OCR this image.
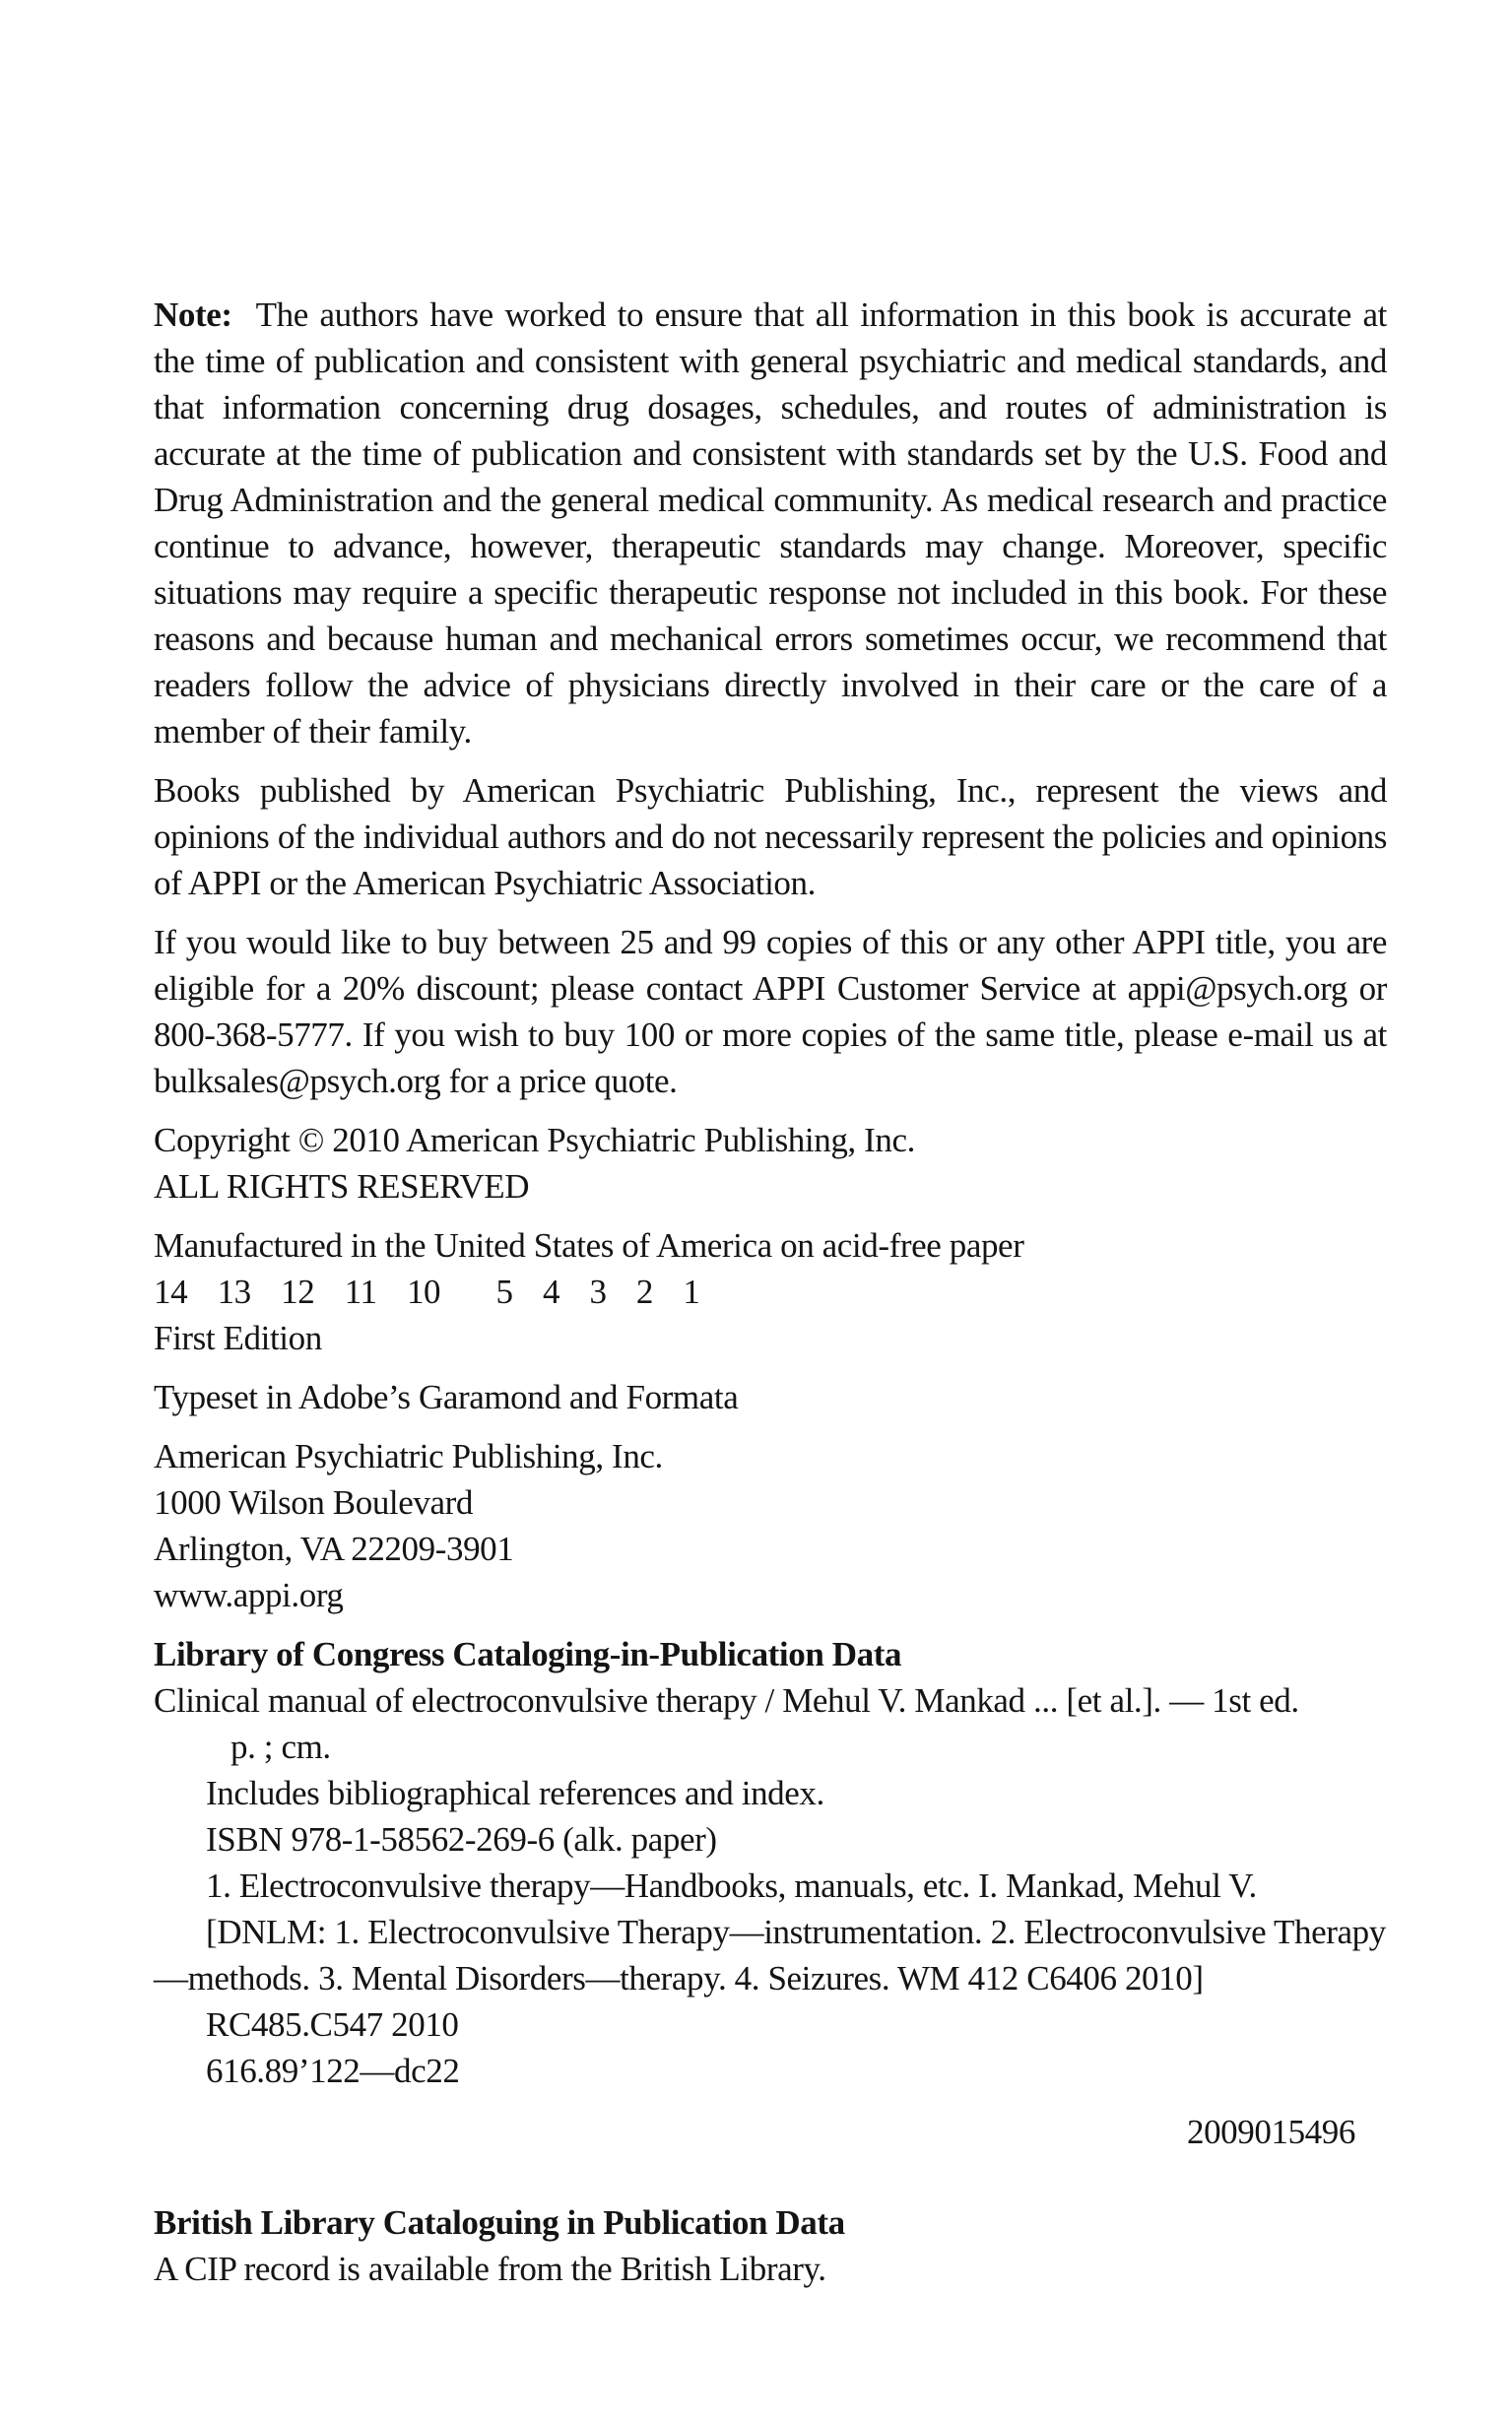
Note: The authors have worked to ensure that all information in this book is accurate at the time of publication and consistent with general psychiatric and medical standards, and that information concerning drug dosages, schedules, and routes of administration is accurate at the time of publication and consistent with standards set by the U.S. Food and Drug Administration and the general medical community. As medical research and practice continue to advance, however, therapeutic standards may change. Moreover, specific situations may require a specific therapeutic response not included in this book. For these reasons and because human and mechanical errors sometimes occur, we recommend that readers follow the advice of physicians directly involved in their care or the care of a member of their family.

Books published by American Psychiatric Publishing, Inc., represent the views and opinions of the individual authors and do not necessarily represent the policies and opinions of APPI or the American Psychiatric Association.

If you would like to buy between 25 and 99 copies of this or any other APPI title, you are eligible for a 20% discount; please contact APPI Customer Service at appi@psych.org or 800-368-5777. If you wish to buy 100 or more copies of the same title, please e-mail us at bulksales@psych.org for a price quote.

Copyright © 2010 American Psychiatric Publishing, Inc.
ALL RIGHTS RESERVED
Manufactured in the United States of America on acid-free paper
14 13 12 11 10 5 4 3 2 1
First Edition

Typeset in Adobe’s Garamond and Formata

American Psychiatric Publishing, Inc.
1000 Wilson Boulevard
Arlington, VA 22209-3901
www.appi.org
Library of Congress Cataloging-in-Publication Data
Clinical manual of electroconvulsive therapy / Mehul V. Mankad ... [et al.]. — 1st ed.
p. ; cm.
Includes bibliographical references and index.
ISBN 978-1-58562-269-6 (alk. paper)
1. Electroconvulsive therapy—Handbooks, manuals, etc. I. Mankad, Mehul V.
[DNLM: 1. Electroconvulsive Therapy—instrumentation. 2. Electroconvulsive Therapy—methods. 3. Mental Disorders—therapy. 4. Seizures. WM 412 C6406 2010]
RC485.C547 2010
616.89’122—dc22
2009015496
British Library Cataloguing in Publication Data
A CIP record is available from the British Library.
